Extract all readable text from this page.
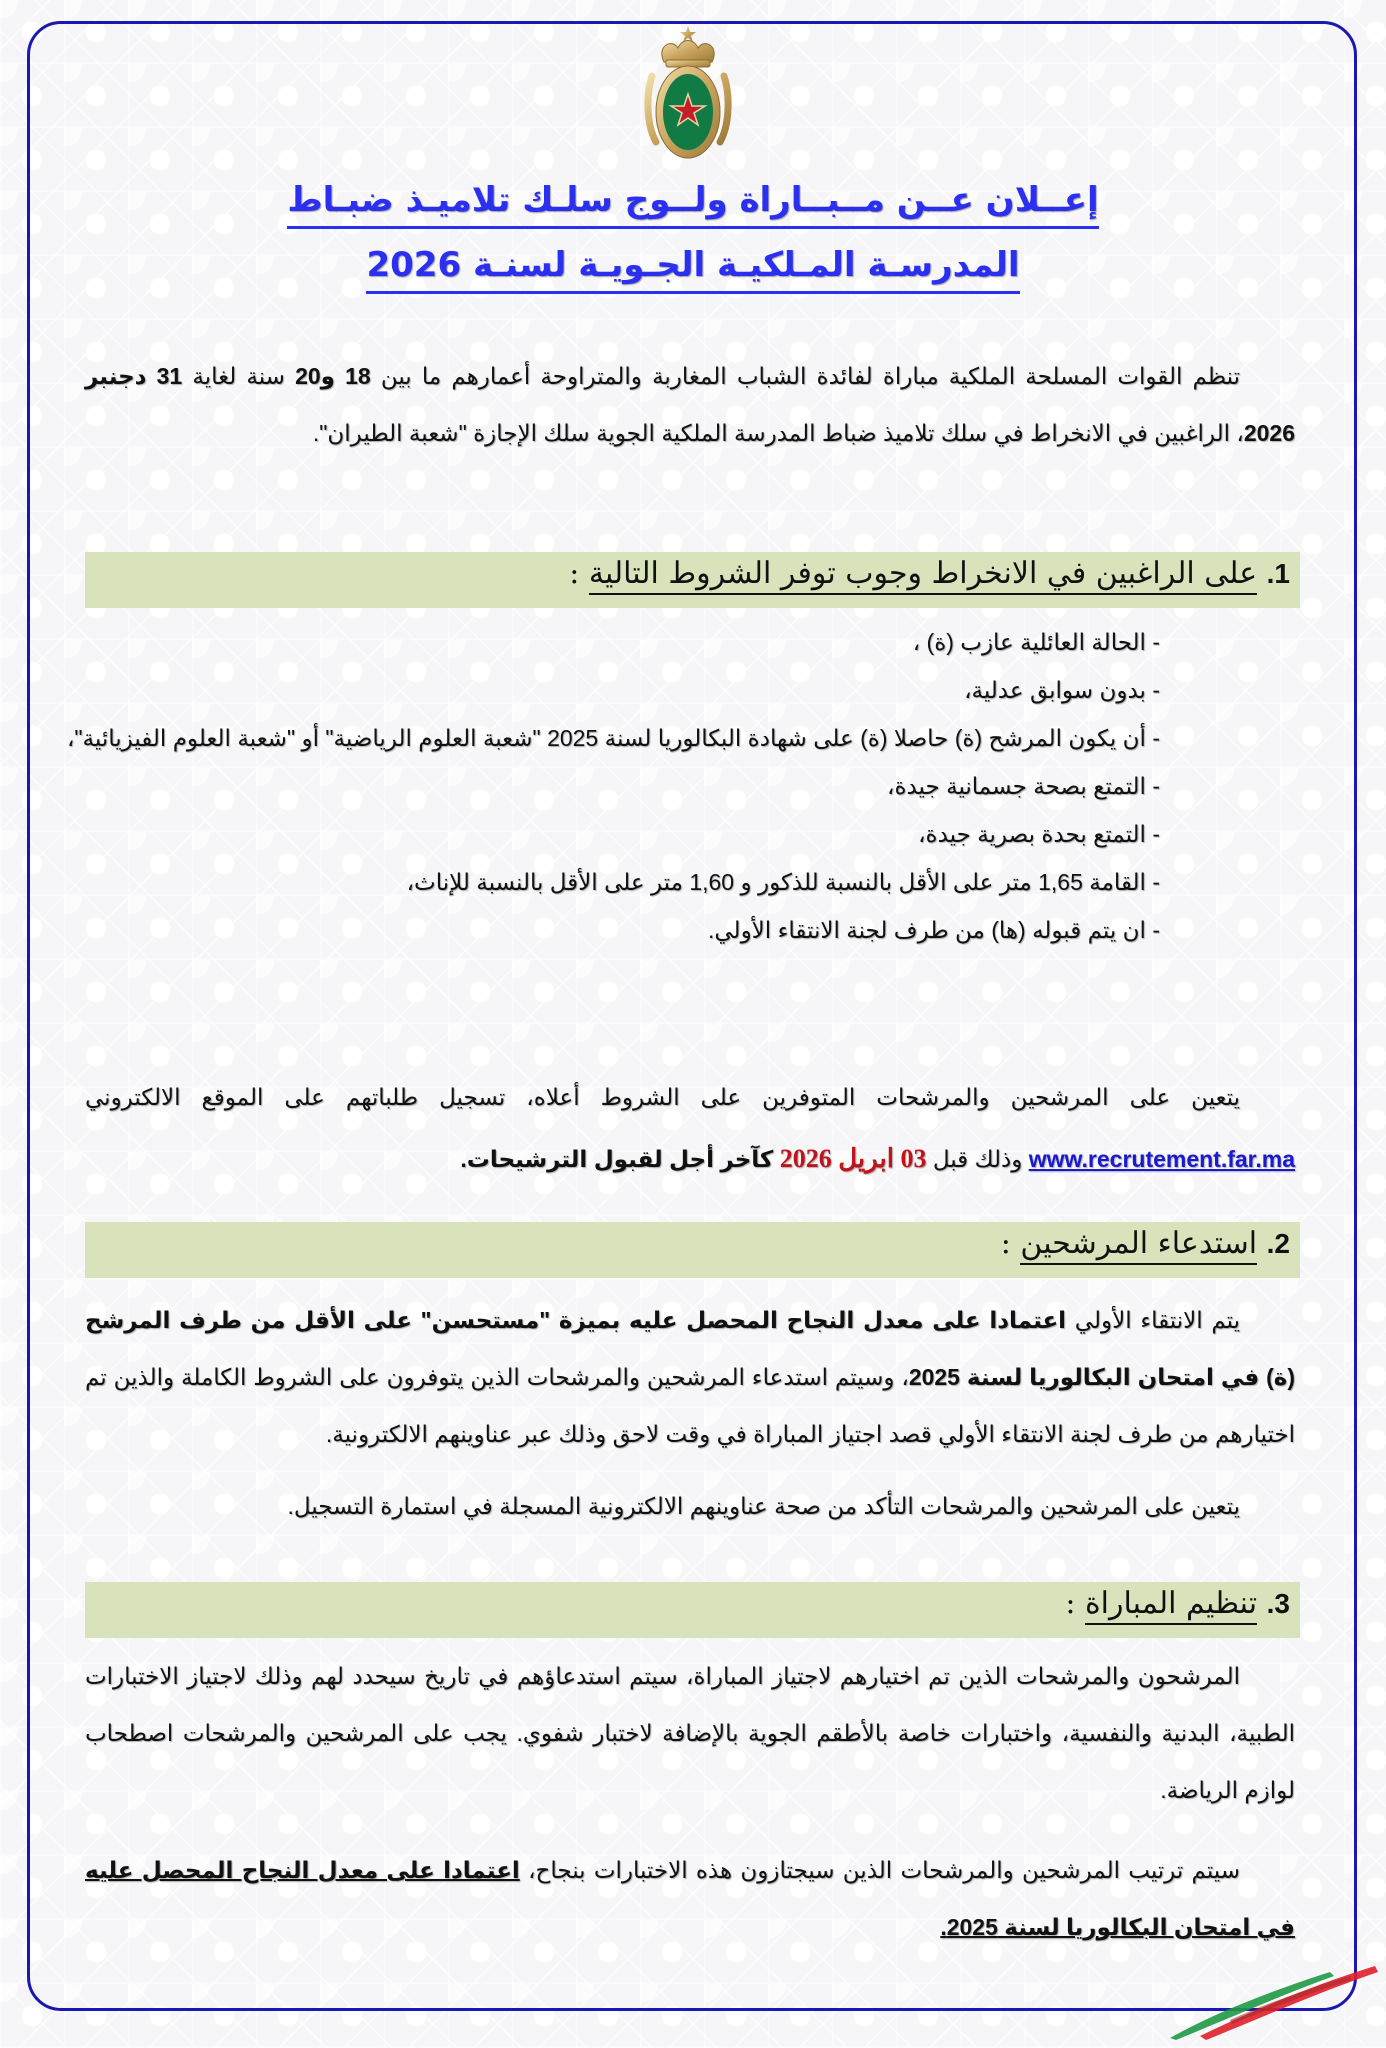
إعــلان عــن مــبــاراة ولــوج سلـك تلاميـذ ضبـاط
المدرسـة المـلكيـة الجـويـة لسنـة 2026
تنظم القوات المسلحة الملكية مباراة لفائدة الشباب المغاربة والمتراوحة أعمارهم ما بين 18 و20 سنة لغاية 31 دجنبر 2026، الراغبين في الانخراط في سلك تلاميذ ضباط المدرسة الملكية الجوية سلك الإجازة "شعبة الطيران".
1. على الراغبين في الانخراط وجوب توفر الشروط التالية :
- الحالة العائلية عازب (ة) ،
- بدون سوابق عدلية،
- أن يكون المرشح (ة) حاصلا (ة) على شهادة البكالوريا لسنة 2025 "شعبة العلوم الرياضية" أو "شعبة العلوم الفيزيائية"،
- التمتع بصحة جسمانية جيدة،
- التمتع بحدة بصرية جيدة،
- القامة 1,65 متر على الأقل بالنسبة للذكور و 1,60 متر على الأقل بالنسبة للإناث،
- ان يتم قبوله (ها) من طرف لجنة الانتقاء الأولي.
يتعين على المرشحين والمرشحات المتوفرين على الشروط أعلاه، تسجيل طلباتهم على الموقع الالكتروني www.recrutement.far.ma وذلك قبل 03 ابريل 2026 كآخر أجل لقبول الترشيحات.
2. استدعاء المرشحين :
يتم الانتقاء الأولي اعتمادا على معدل النجاح المحصل عليه بميزة "مستحسن" على الأقل من طرف المرشح (ة) في امتحان البكالوريا لسنة 2025، وسيتم استدعاء المرشحين والمرشحات الذين يتوفرون على الشروط الكاملة والذين تم اختيارهم من طرف لجنة الانتقاء الأولي قصد اجتياز المباراة في وقت لاحق وذلك عبر عناوينهم الالكترونية.
يتعين على المرشحين والمرشحات التأكد من صحة عناوينهم الالكترونية المسجلة في استمارة التسجيل.
3. تنظيم المباراة :
المرشحون والمرشحات الذين تم اختيارهم لاجتياز المباراة، سيتم استدعاؤهم في تاريخ سيحدد لهم وذلك لاجتياز الاختبارات الطبية، البدنية والنفسية، واختبارات خاصة بالأطقم الجوية بالإضافة لاختبار شفوي. يجب على المرشحين والمرشحات اصطحاب لوازم الرياضة.
سيتم ترتيب المرشحين والمرشحات الذين سيجتازون هذه الاختبارات بنجاح، اعتمادا على معدل النجاح المحصل عليه في امتحان البكالوريا لسنة 2025.
